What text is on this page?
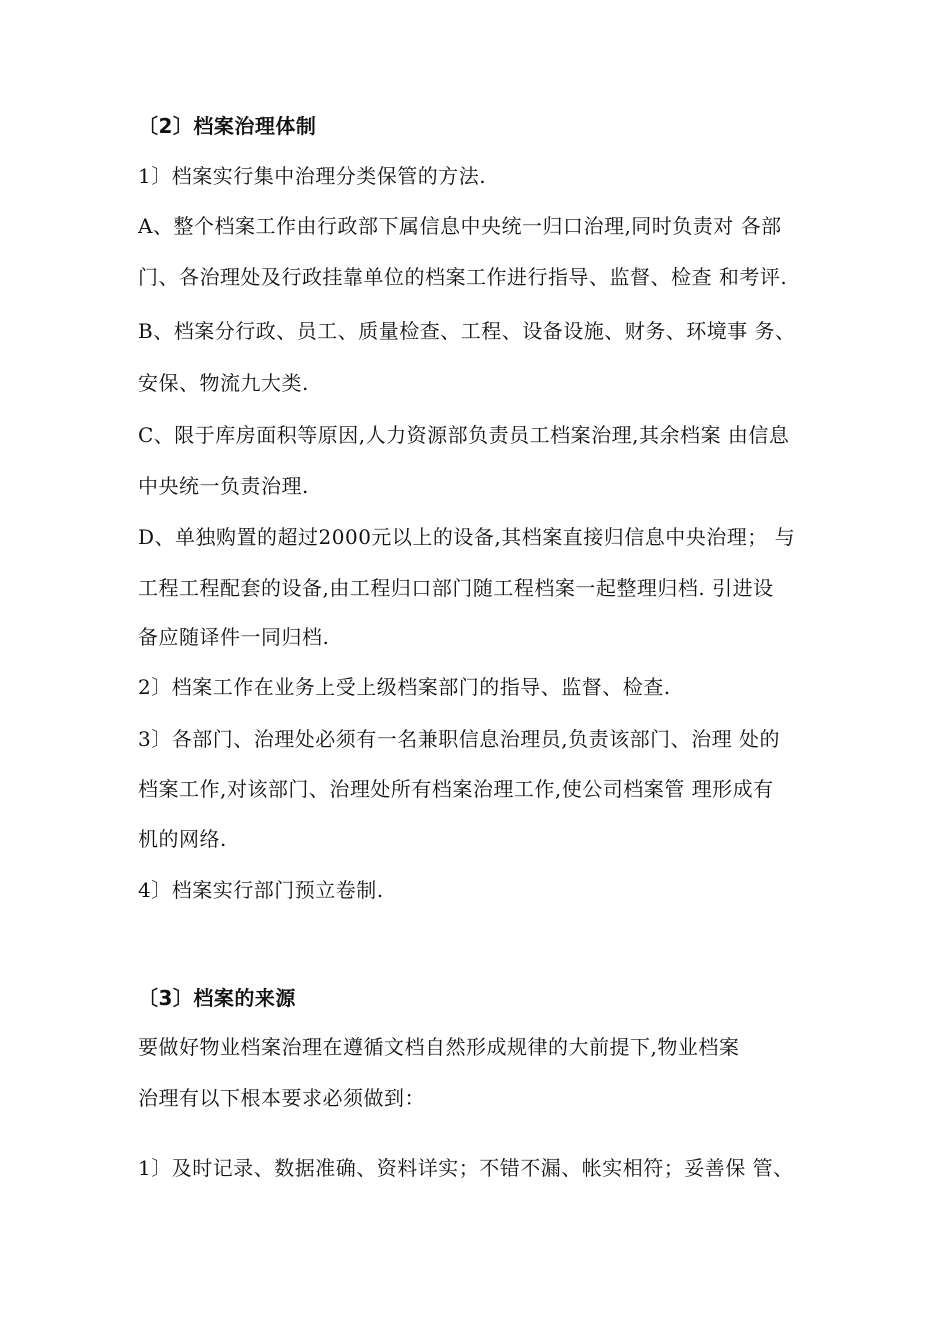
〔2〕档案治理体制
1〕档案实行集中治理分类保管的方法.
A、整个档案工作由行政部下属信息中央统一归口治理,同时负责对 各部
门、各治理处及行政挂靠单位的档案工作进行指导、监督、检查 和考评.
B、档案分行政、员工、质量检查、工程、设备设施、财务、环境事 务、
安保、物流九大类.
C、限于库房面积等原因,人力资源部负责员工档案治理,其余档案 由信息
中央统一负责治理.
D、单独购置的超过2000元以上的设备,其档案直接归信息中央治理； 与
工程工程配套的设备,由工程归口部门随工程档案一起整理归档. 引进设
备应随译件一同归档.
2〕档案工作在业务上受上级档案部门的指导、监督、检查.
3〕各部门、治理处必须有一名兼职信息治理员,负责该部门、治理 处的
档案工作,对该部门、治理处所有档案治理工作,使公司档案管 理形成有
机的网络.
4〕档案实行部门预立卷制.
〔3〕档案的来源
要做好物业档案治理在遵循文档自然形成规律的大前提下,物业档案
治理有以下根本要求必须做到：
1〕及时记录、数据准确、资料详实；不错不漏、帐实相符；妥善保 管、
